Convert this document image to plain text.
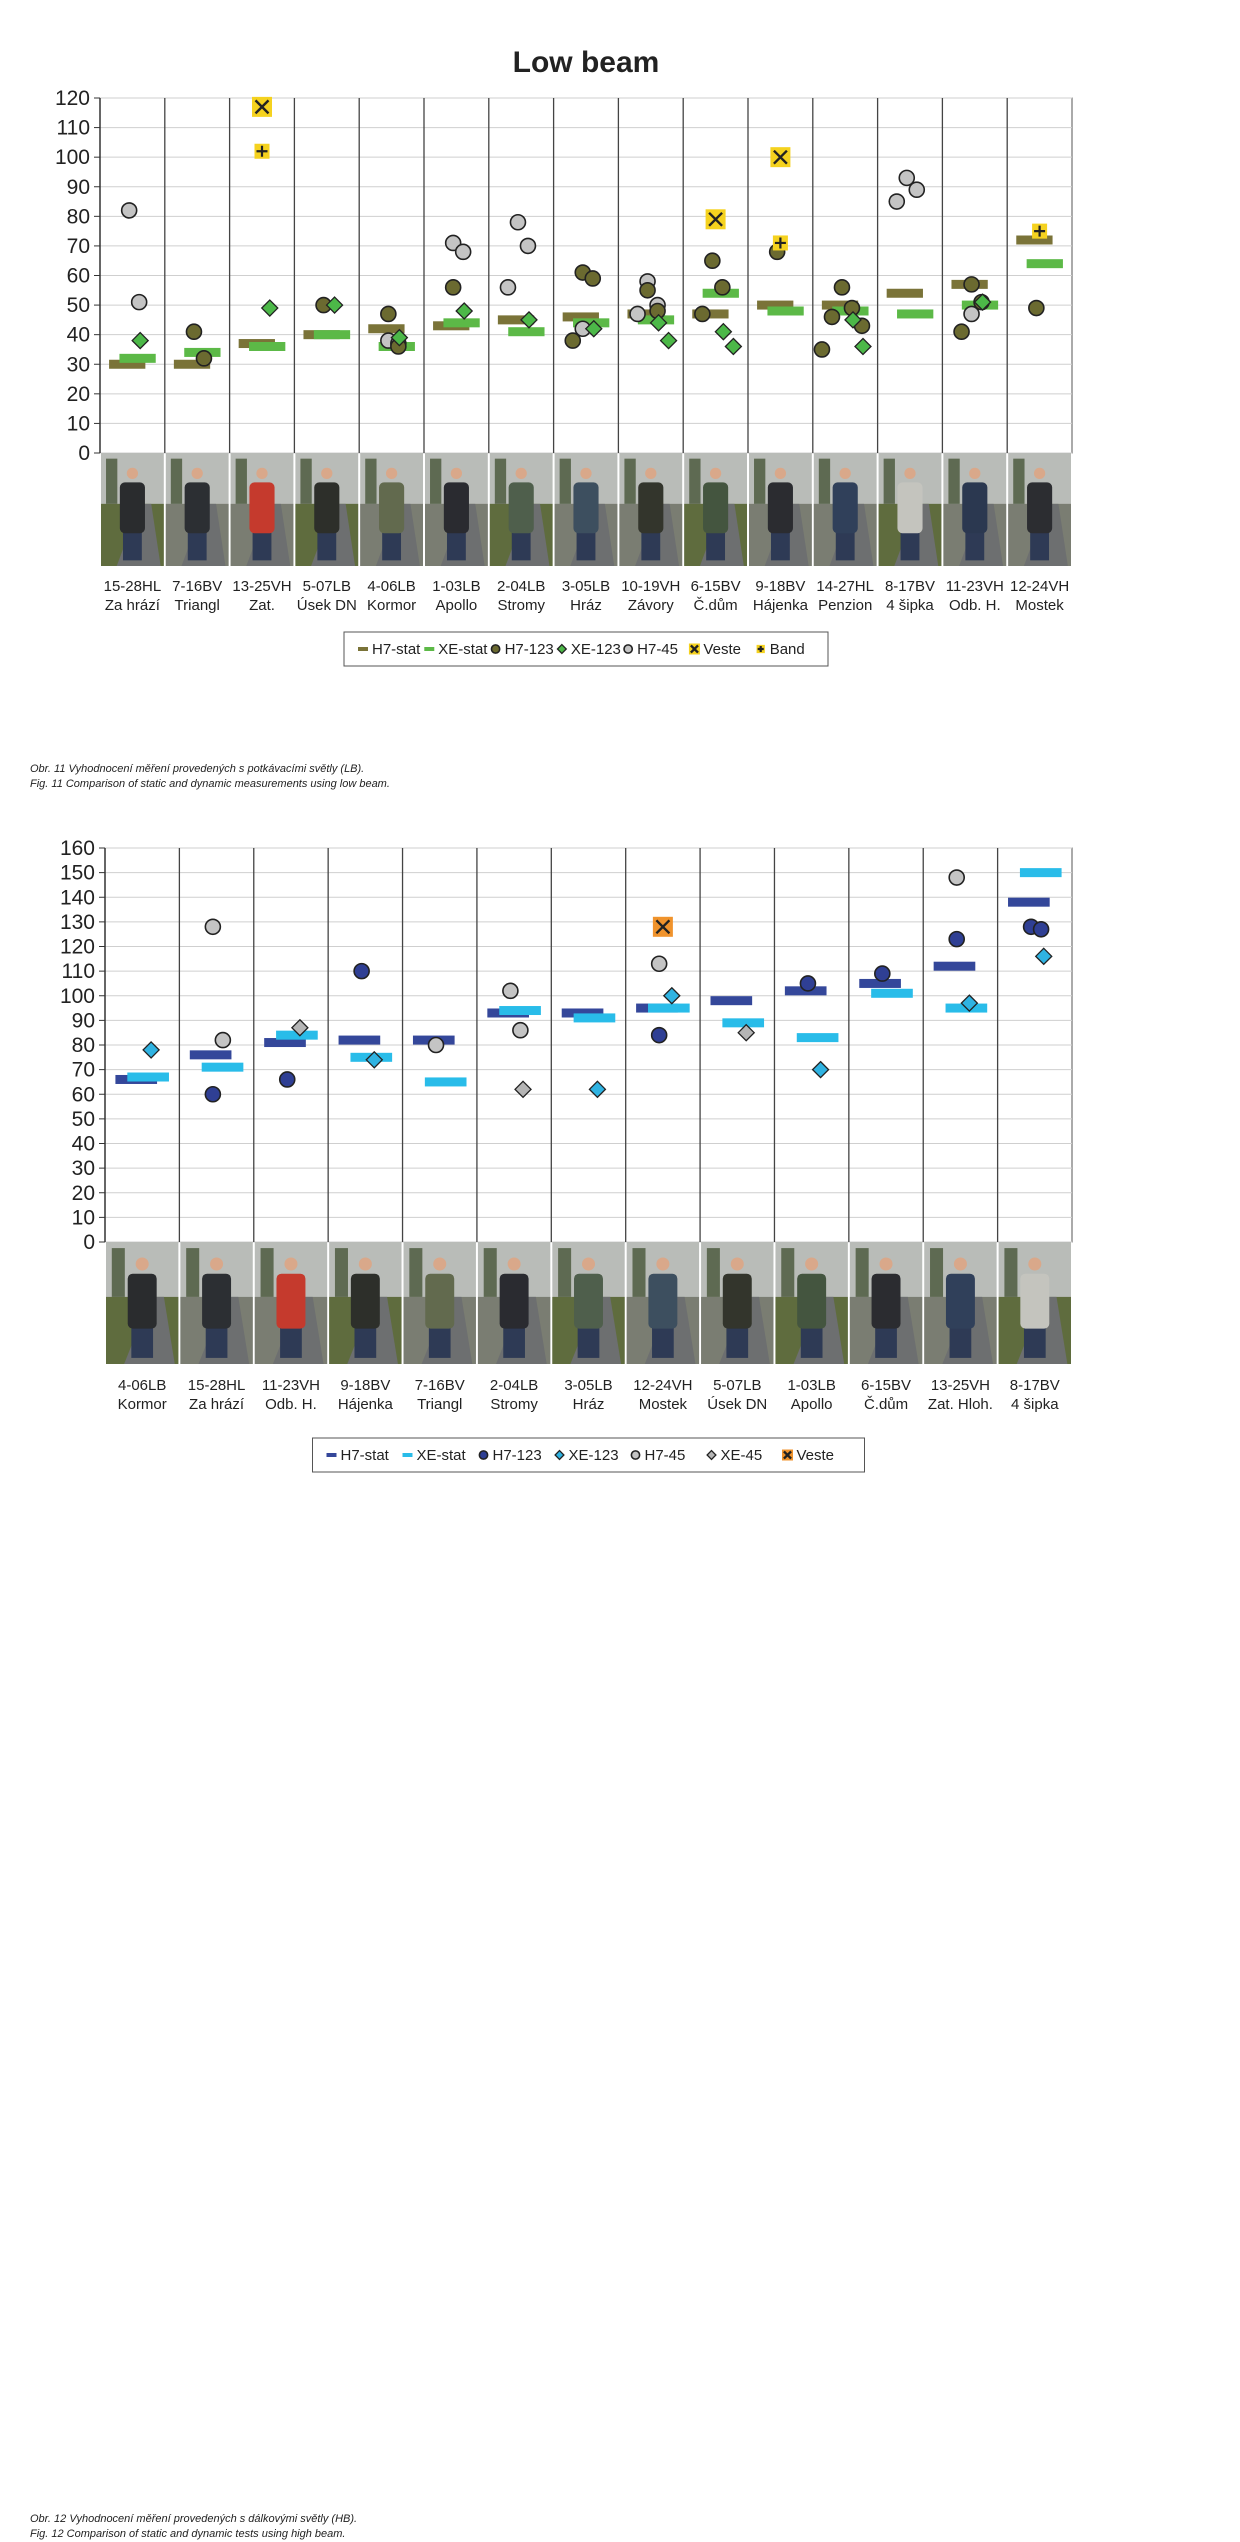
Low beam
0
10
20
30
40
50
60
70
80
90
100
110
120
15-28HL
Za hrází
7-16BV
Triangl
13-25VH
Zat.
5-07LB
Úsek DN
4-06LB
Kormor
1-03LB
Apollo
2-04LB
Stromy
3-05LB
Hráz
10-19VH
Závory
6-15BV
Č.dům
9-18BV
Hájenka
14-27HL
Penzion
8-17BV
4 šipka
11-23VH
Odb. H.
12-24VH
Mostek
H7-stat XE-stat H7-123 XE-123 H7-45 Veste Band
Obr. 11 Vyhodnocení měření provedených s potkávacími světly (LB).
Fig. 11 Comparison of static and dynamic measurements using low beam.
0
10
20
30
40
50
60
70
80
90
100
110
120
130
140
150
160
4-06LB
Kormor
15-28HL
Za hrází
11-23VH
Odb. H.
9-18BV
Hájenka
7-16BV
Triangl
2-04LB
Stromy
3-05LB
Hráz
12-24VH
Mostek
5-07LB
Úsek DN
1-03LB
Apollo
6-15BV
Č.dům
13-25VH
Zat. Hloh.
8-17BV
4 šipka
H7-stat XE-stat H7-123 XE-123 H7-45 XE-45 Veste
Obr. 12 Vyhodnocení měření provedených s dálkovými světly (HB).
Fig. 12 Comparison of static and dynamic tests using high beam.
